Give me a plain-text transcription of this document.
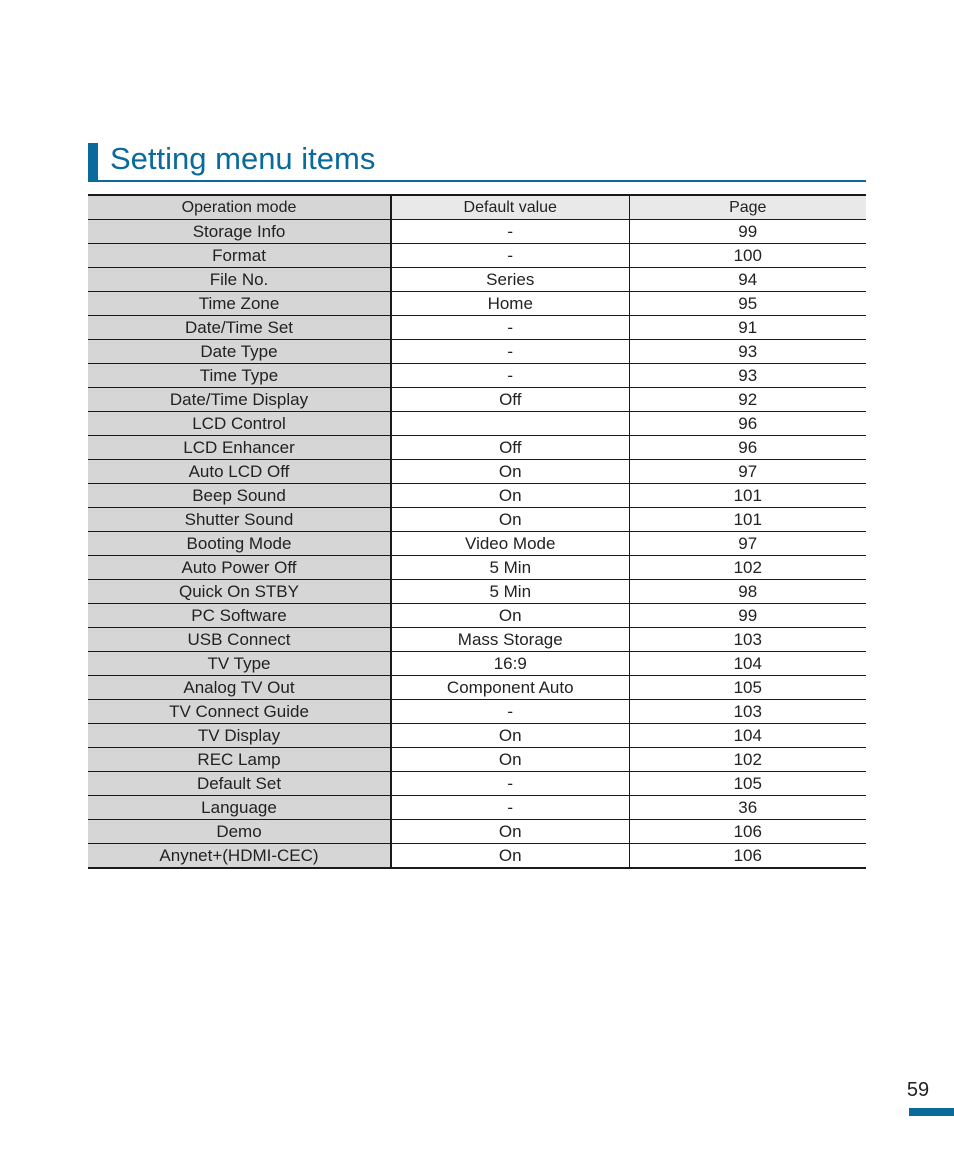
Setting menu items
Operation mode	Default value	Page
Storage Info	-	99
Format	-	100
File No.	Series	94
Time Zone	Home	95
Date/Time Set	-	91
Date Type	-	93
Time Type	-	93
Date/Time Display	Off	92
LCD Control		96
LCD Enhancer	Off	96
Auto LCD Off	On	97
Beep Sound	On	101
Shutter Sound	On	101
Booting Mode	Video Mode	97
Auto Power Off	5 Min	102
Quick On STBY	5 Min	98
PC Software	On	99
USB Connect	Mass Storage	103
TV Type	16:9	104
Analog TV Out	Component Auto	105
TV Connect Guide	-	103
TV Display	On	104
REC Lamp	On	102
Default Set	-	105
Language	-	36
Demo	On	106
Anynet+(HDMI-CEC)	On	106
59
